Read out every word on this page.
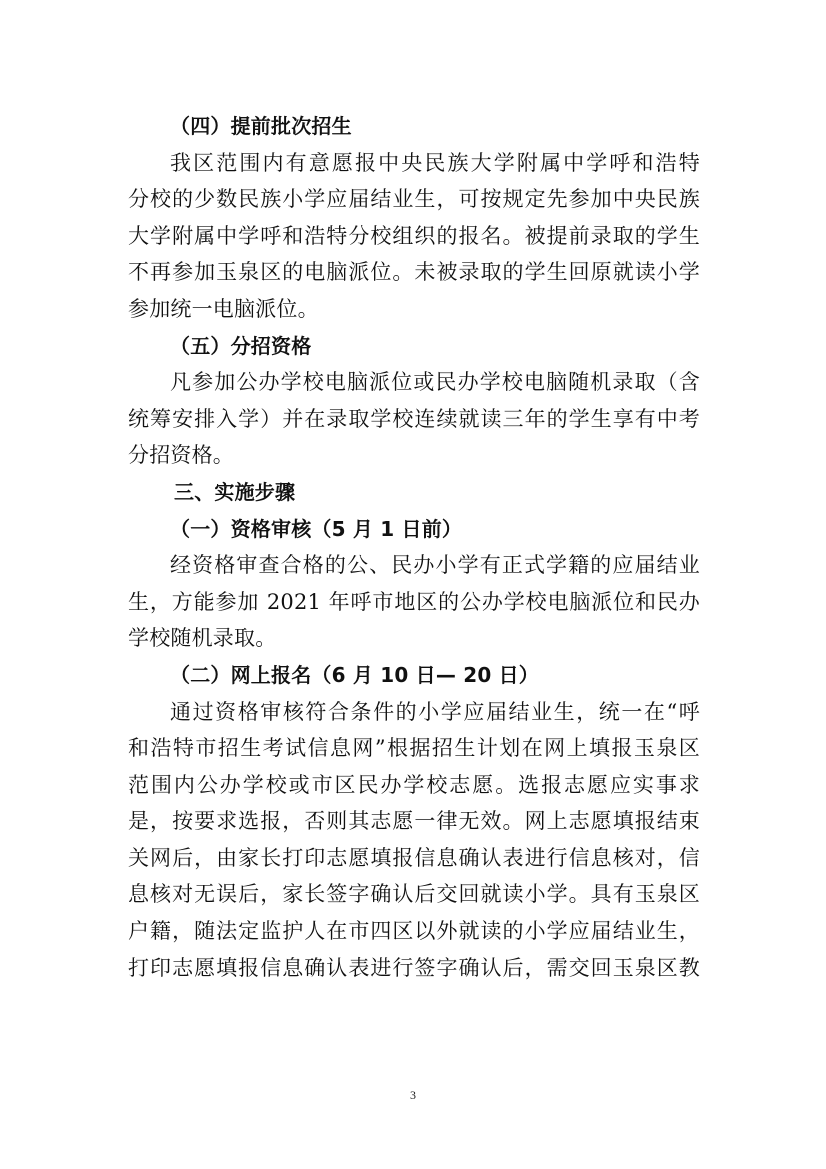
（四）提前批次招生
我区范围内有意愿报中央民族大学附属中学呼和浩特
分校的少数民族小学应届结业生，可按规定先参加中央民族
大学附属中学呼和浩特分校组织的报名。被提前录取的学生
不再参加玉泉区的电脑派位。未被录取的学生回原就读小学
参加统一电脑派位。
（五）分招资格
凡参加公办学校电脑派位或民办学校电脑随机录取（含
统筹安排入学）并在录取学校连续就读三年的学生享有中考
分招资格。
三、实施步骤
（一）资格审核（5 月 1 日前）
经资格审查合格的公、民办小学有正式学籍的应届结业
生，方能参加 2021 年呼市地区的公办学校电脑派位和民办
学校随机录取。
（二）网上报名（6 月 10 日— 20 日）
通过资格审核符合条件的小学应届结业生，统一在“呼
和浩特市招生考试信息网”根据招生计划在网上填报玉泉区
范围内公办学校或市区民办学校志愿。选报志愿应实事求
是，按要求选报，否则其志愿一律无效。网上志愿填报结束
关网后，由家长打印志愿填报信息确认表进行信息核对，信
息核对无误后，家长签字确认后交回就读小学。具有玉泉区
户籍，随法定监护人在市四区以外就读的小学应届结业生，
打印志愿填报信息确认表进行签字确认后，需交回玉泉区教
3
